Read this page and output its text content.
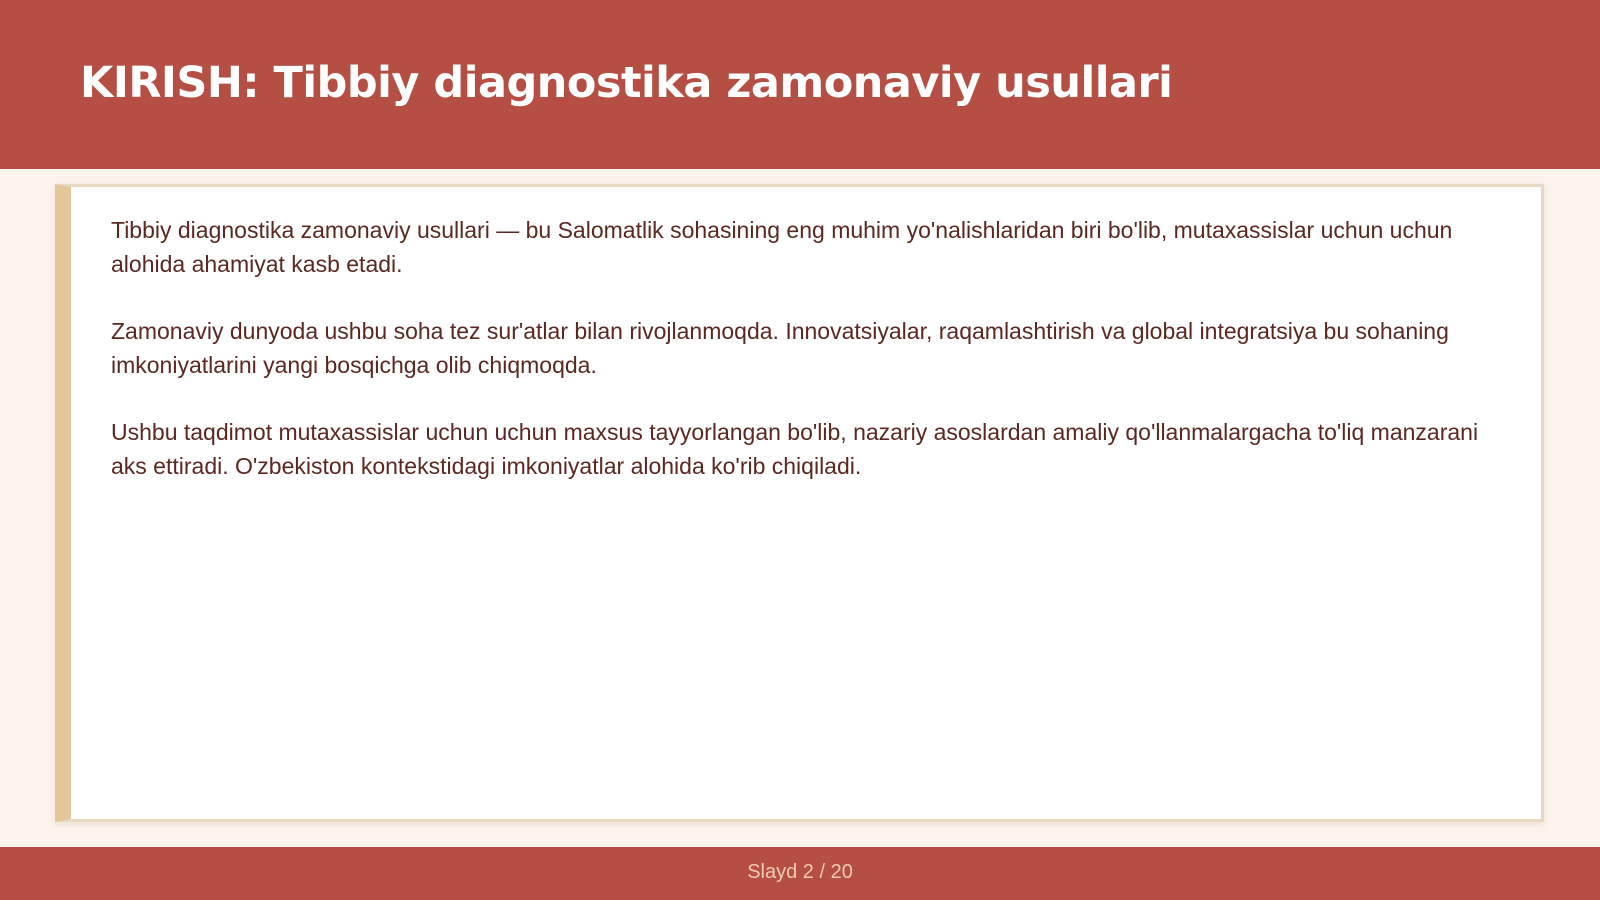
KIRISH: Tibbiy diagnostika zamonaviy usullari

Tibbiy diagnostika zamonaviy usullari — bu Salomatlik sohasining eng muhim yo'nalishlaridan biri bo'lib, mutaxassislar uchun uchun alohida ahamiyat kasb etadi.

Zamonaviy dunyoda ushbu soha tez sur'atlar bilan rivojlanmoqda. Innovatsiyalar, raqamlashtirish va global integratsiya bu sohaning imkoniyatlarini yangi bosqichga olib chiqmoqda.

Ushbu taqdimot mutaxassislar uchun uchun maxsus tayyorlangan bo'lib, nazariy asoslardan amaliy qo'llanmalargacha to'liq manzarani aks ettiradi. O'zbekiston kontekstidagi imkoniyatlar alohida ko'rib chiqiladi.

Slayd 2 / 20
